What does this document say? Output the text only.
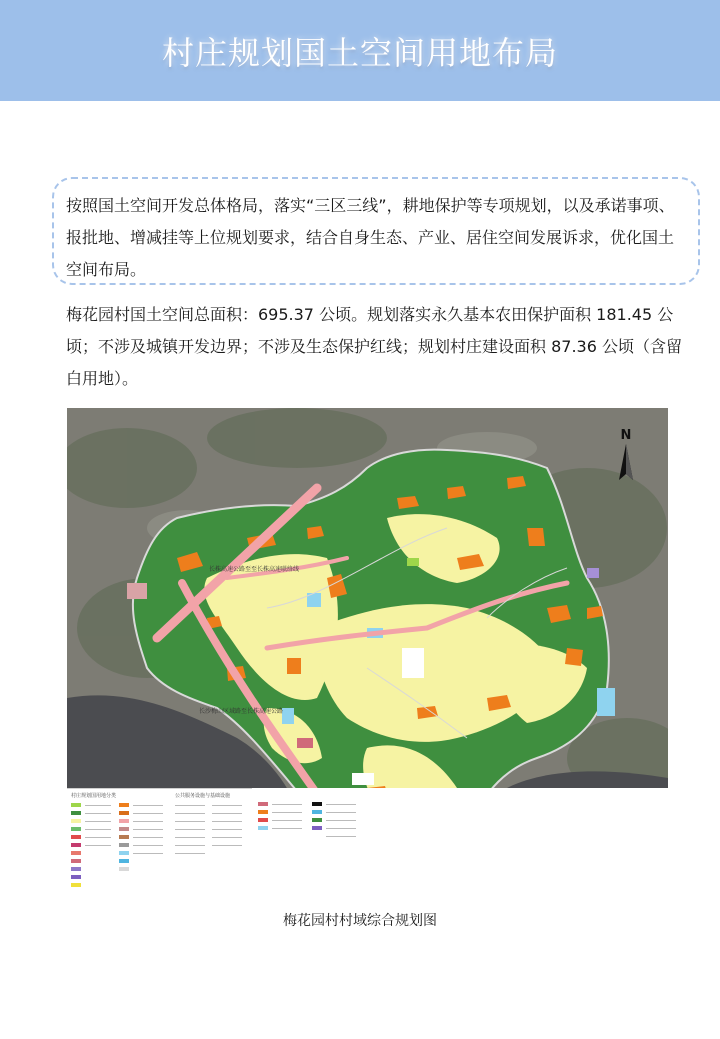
村庄规划国土空间用地布局

按照国土空间开发总体格局，落实“三区三线”，耕地保护等专项规划，以及承诺事项、报批地、增减挂等上位规划要求，结合自身生态、产业、居住空间发展诉求，优化国土空间布局。

梅花园村国土空间总面积：695.37 公顷。规划落实永久基本农田保护面积 181.45 公顷；不涉及城镇开发边界；不涉及生态保护红线；规划村庄建设面积 87.36 公顷（含留白用地）。

长株高速公路至至长株高速联络线
长沙梅山区域路至长株高速公路
N
村庄规划国用地分类	公共服务设施与基础设施
梅花园村村域综合规划图
